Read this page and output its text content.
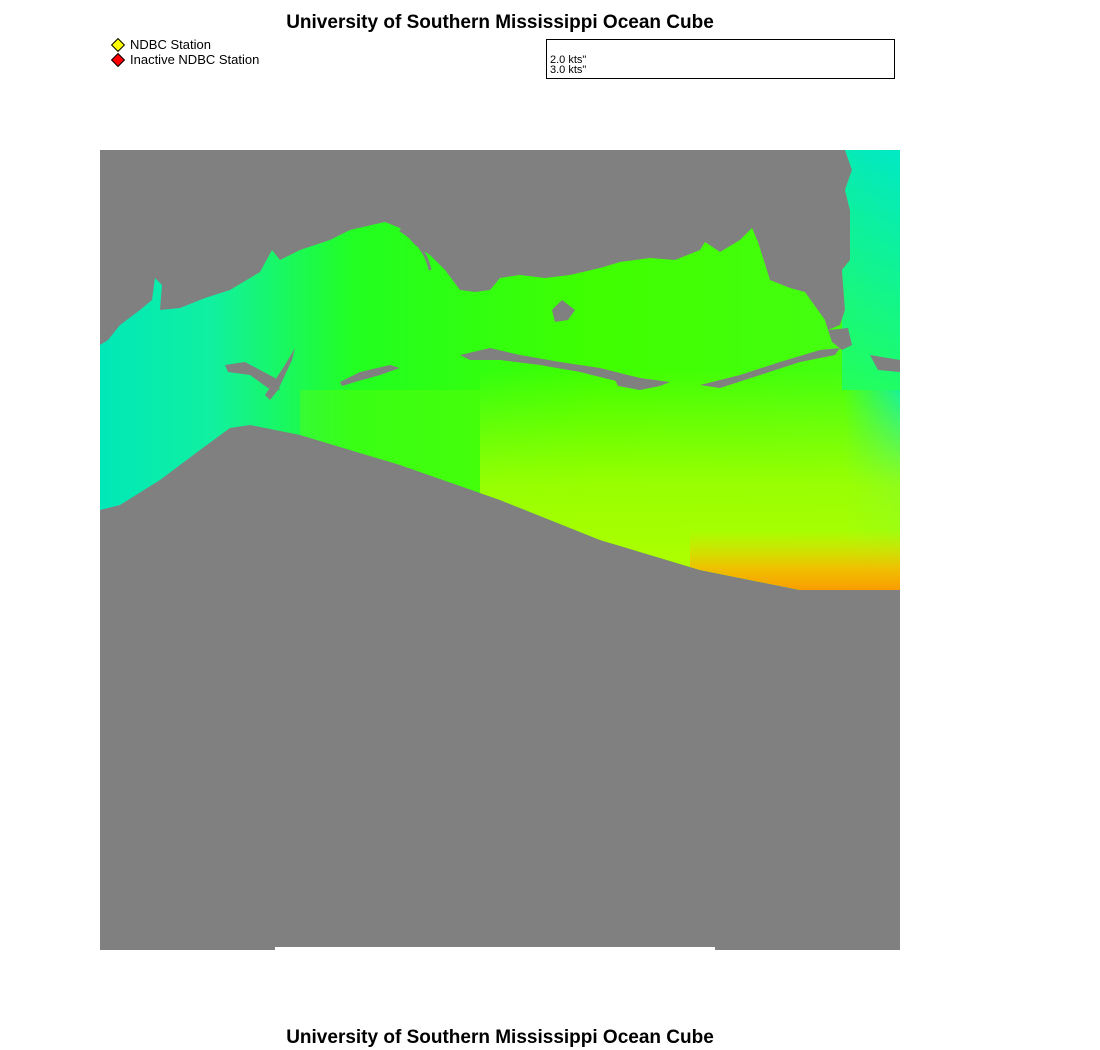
University of Southern Mississippi Ocean Cube
NDBC Station
Inactive NDBC Station	2.0 kts"
3.0 kts"
University of Southern Mississippi Ocean Cube
